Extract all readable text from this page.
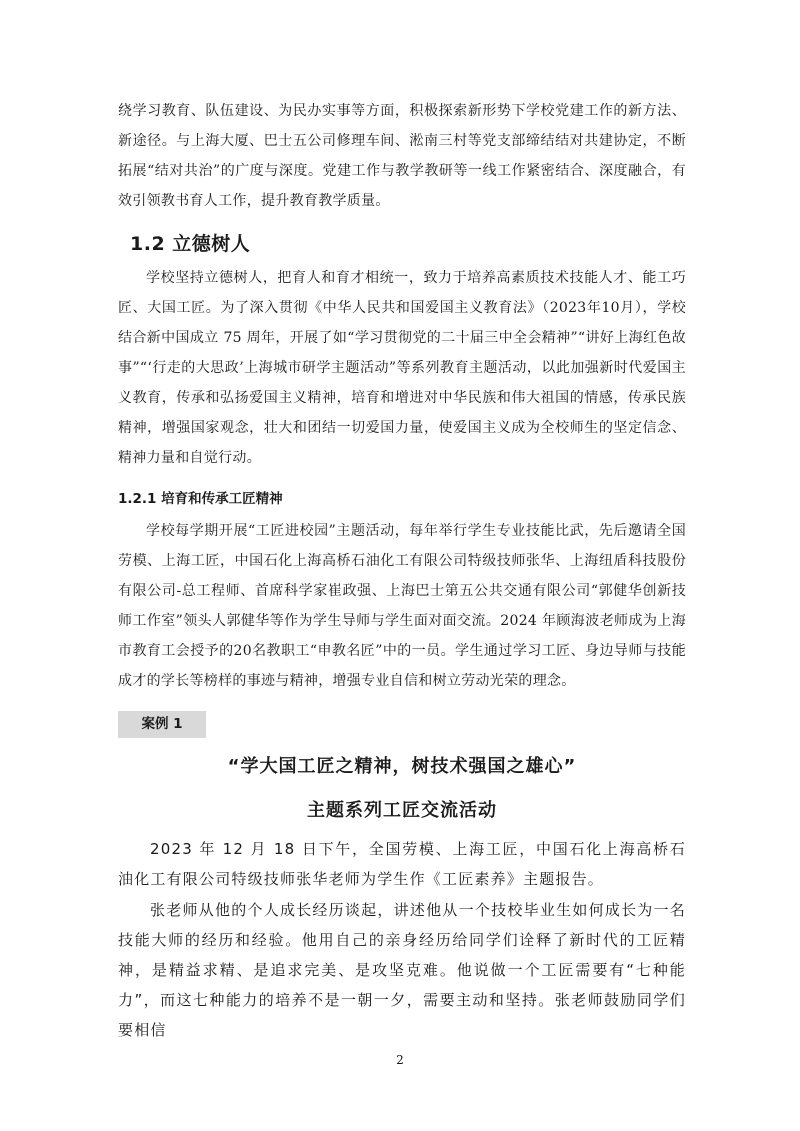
绕学习教育、队伍建设、为民办实事等方面，积极探索新形势下学校党建工作的新方法、新途径。与上海大厦、巴士五公司修理车间、淞南三村等党支部缔结结对共建协定，不断拓展“结对共治”的广度与深度。党建工作与教学教研等一线工作紧密结合、深度融合，有效引领教书育人工作，提升教育教学质量。

1.2 立德树人

学校坚持立德树人，把育人和育才相统一，致力于培养高素质技术技能人才、能工巧匠、大国工匠。为了深入贯彻《中华人民共和国爱国主义教育法》（2023年10月），学校结合新中国成立 75 周年，开展了如“学习贯彻党的二十届三中全会精神”“讲好上海红色故事”“‘行走的大思政’上海城市研学主题活动”等系列教育主题活动，以此加强新时代爱国主义教育，传承和弘扬爱国主义精神，培育和增进对中华民族和伟大祖国的情感，传承民族精神，增强国家观念，壮大和团结一切爱国力量，使爱国主义成为全校师生的坚定信念、精神力量和自觉行动。

1.2.1 培育和传承工匠精神

学校每学期开展“工匠进校园”主题活动，每年举行学生专业技能比武，先后邀请全国劳模、上海工匠，中国石化上海高桥石油化工有限公司特级技师张华、上海纽盾科技股份有限公司-总工程师、首席科学家崔政强、上海巴士第五公共交通有限公司“郭健华创新技师工作室”领头人郭健华等作为学生导师与学生面对面交流。2024 年顾海波老师成为上海市教育工会授予的20名教职工“申教名匠”中的一员。学生通过学习工匠、身边导师与技能成才的学长等榜样的事迹与精神，增强专业自信和树立劳动光荣的理念。

案例 1

“学大国工匠之精神，树技术强国之雄心”

主题系列工匠交流活动

2023 年 12 月 18 日下午，全国劳模、上海工匠，中国石化上海高桥石油化工有限公司特级技师张华老师为学生作《工匠素养》主题报告。

张老师从他的个人成长经历谈起，讲述他从一个技校毕业生如何成长为一名技能大师的经历和经验。他用自己的亲身经历给同学们诠释了新时代的工匠精神，是精益求精、是追求完美、是攻坚克难。他说做一个工匠需要有“七种能力”，而这七种能力的培养不是一朝一夕，需要主动和坚持。张老师鼓励同学们要相信

2
